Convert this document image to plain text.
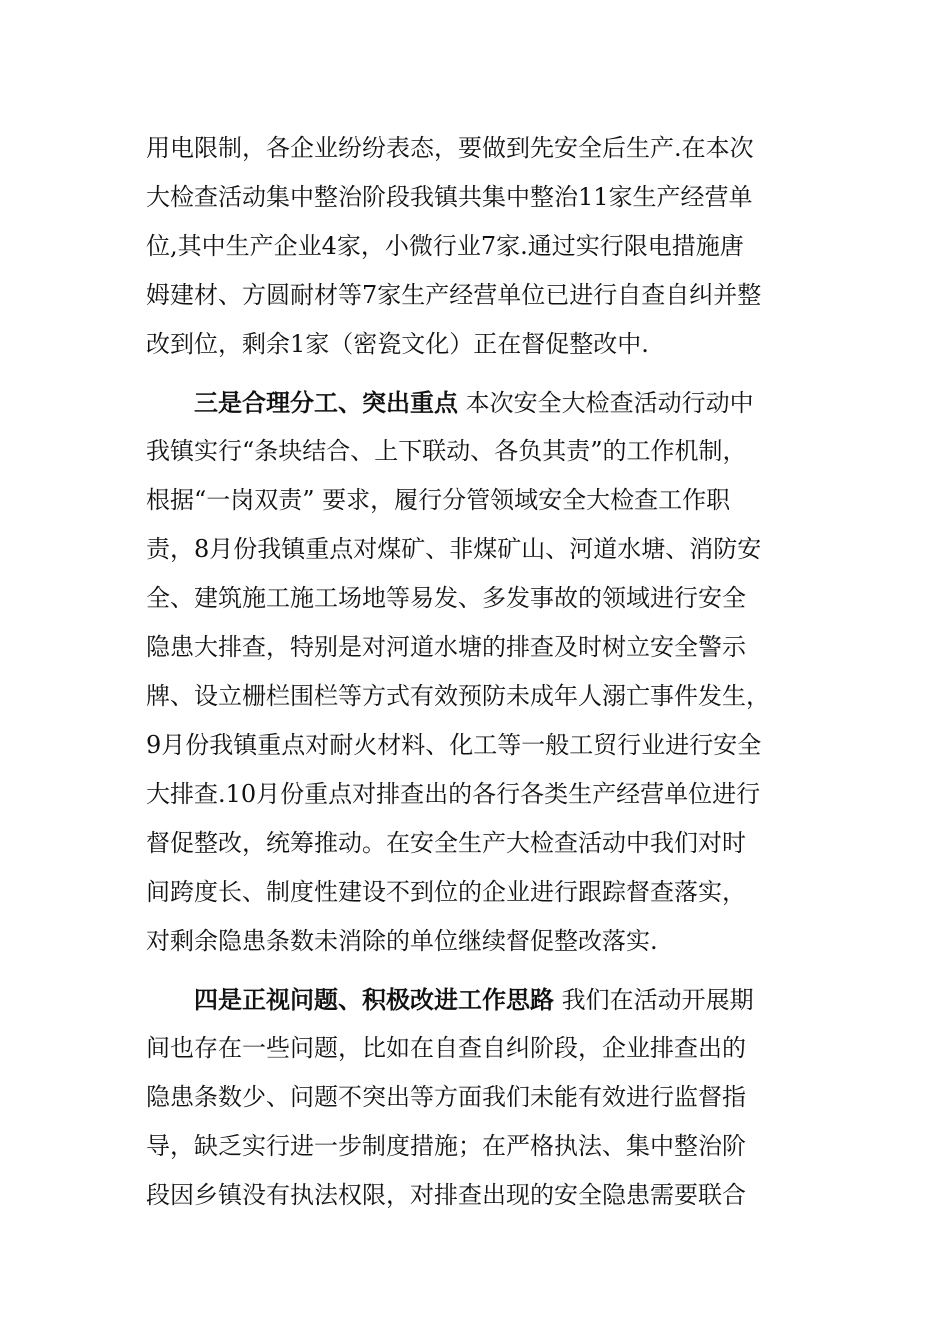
用电限制，各企业纷纷表态，要做到先安全后生产.在本次
大检查活动集中整治阶段我镇共集中整治11家生产经营单
位,其中生产企业4家，小微行业7家.通过实行限电措施唐
姆建材、方圆耐材等7家生产经营单位已进行自查自纠并整
改到位，剩余1家（密瓷文化）正在督促整改中.
三是合理分工、突出重点 本次安全大检查活动行动中
我镇实行“条块结合、上下联动、各负其责”的工作机制，
根据“一岗双责” 要求，履行分管领域安全大检查工作职
责，8月份我镇重点对煤矿、非煤矿山、河道水塘、消防安
全、建筑施工施工场地等易发、多发事故的领域进行安全
隐患大排查，特别是对河道水塘的排查及时树立安全警示
牌、设立栅栏围栏等方式有效预防未成年人溺亡事件发生，
9月份我镇重点对耐火材料、化工等一般工贸行业进行安全
大排查.10月份重点对排查出的各行各类生产经营单位进行
督促整改，统筹推动。在安全生产大检查活动中我们对时
间跨度长、制度性建设不到位的企业进行跟踪督查落实，
对剩余隐患条数未消除的单位继续督促整改落实.
四是正视问题、积极改进工作思路 我们在活动开展期
间也存在一些问题，比如在自查自纠阶段，企业排查出的
隐患条数少、问题不突出等方面我们未能有效进行监督指
导，缺乏实行进一步制度措施；在严格执法、集中整治阶
段因乡镇没有执法权限，对排查出现的安全隐患需要联合
